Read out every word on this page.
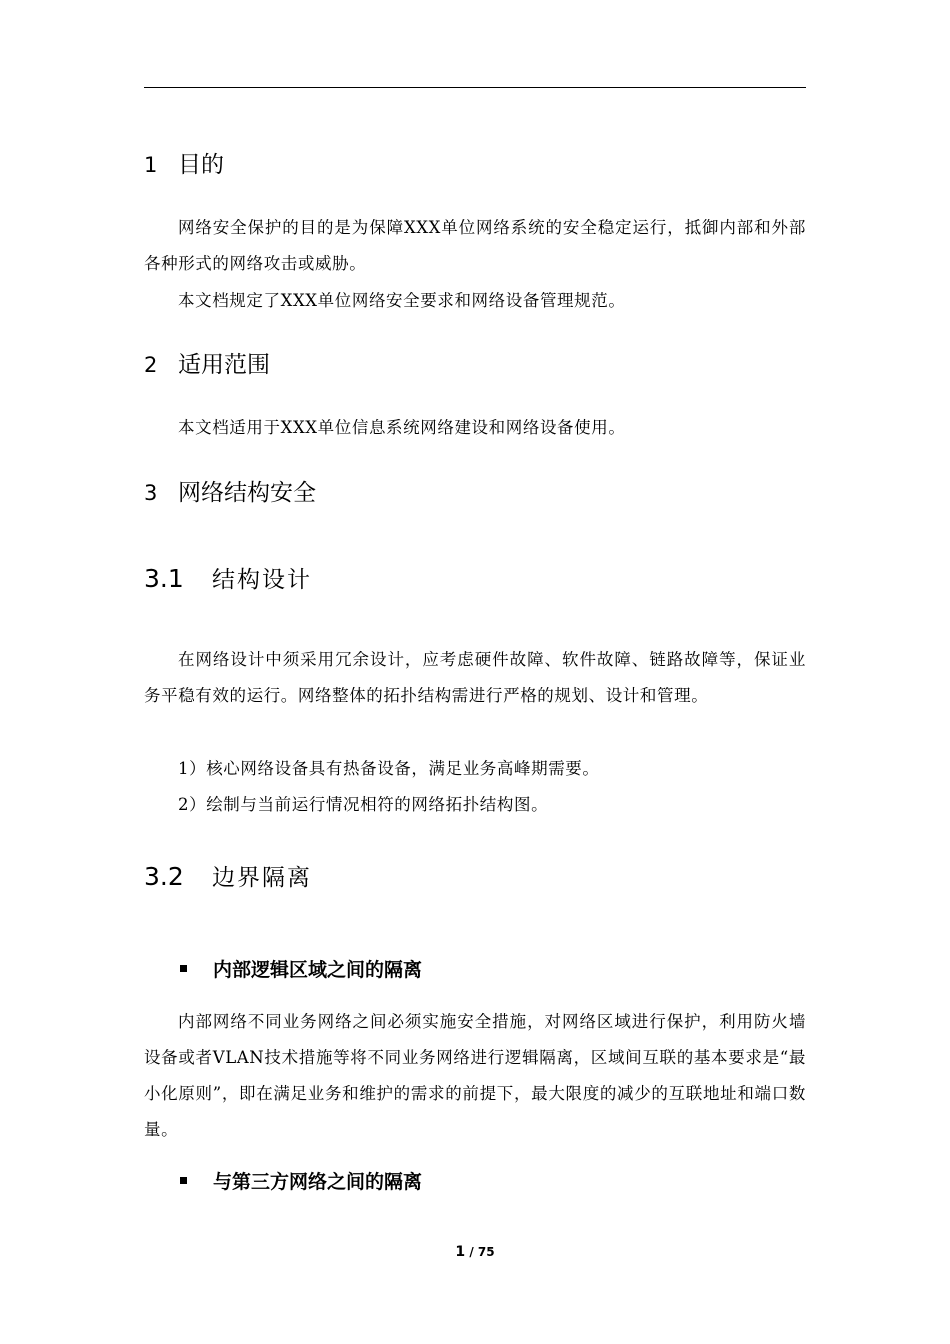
1 目的

网络安全保护的目的是为保障XXX单位网络系统的安全稳定运行，抵御内部和外部各种形式的网络攻击或威胁。

本文档规定了XXX单位网络安全要求和网络设备管理规范。

2 适用范围

本文档适用于XXX单位信息系统网络建设和网络设备使用。

3 网络结构安全
3.1	结构设计

在网络设计中须采用冗余设计，应考虑硬件故障、软件故障、链路故障等，保证业务平稳有效的运行。网络整体的拓扑结构需进行严格的规划、设计和管理。

1）核心网络设备具有热备设备，满足业务高峰期需要。
2）绘制与当前运行情况相符的网络拓扑结构图。
3.2	边界隔离
内部逻辑区域之间的隔离

内部网络不同业务网络之间必须实施安全措施，对网络区域进行保护，利用防火墙设备或者VLAN技术措施等将不同业务网络进行逻辑隔离，区域间互联的基本要求是“最小化原则”，即在满足业务和维护的需求的前提下，最大限度的减少的互联地址和端口数量。

与第三方网络之间的隔离
1 / 75
